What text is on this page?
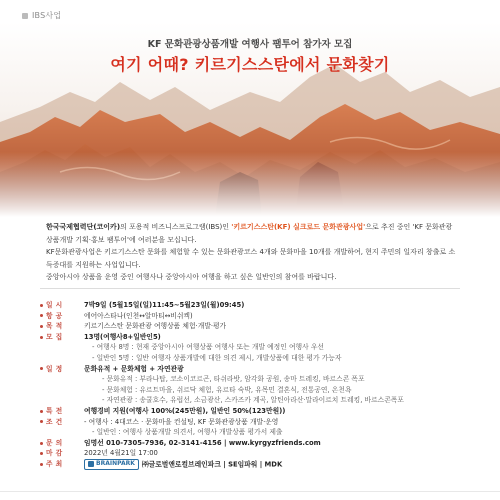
IBS사업
KF 문화관광상품개발 여행사 팸투어 참가자 모집
여기 어때? 키르기스스탄에서 문화찾기

한국국제협력단(코이카)의 포용적 비즈니스프로그램(IBS)인 '키르기스스탄(KF) 실크로드 문화관광사업'으로 추진 중인 'KF 문화관광상품개발 기획·홍보 팸투어'에 여러분을 모십니다.

KF문화관광사업은 키르기스스탄 문화를 체험할 수 있는 문화관광코스 4개와 문화마을 10개를 개발하여, 현지 주민의 일자리 창출로 소득증대를 지원하는 사업입니다.

중앙아시아 상품을 운영 중인 여행사나 중앙아시아 여행을 하고 싶은 일반인의 참여를 바랍니다.

일시	7박9일 (5월15일(일)11:45~5월23일(월)09:45)
항공	에어아스타나(인천↔알마티↔비쉬켁)
목적	키르기스스탄 문화관광 여행상품 체험·개발·평가
모집	13명(여행사8+일반인5)
- 여행사 8명 : 현재 중앙아시아 여행상품 여행사 또는 개발 예정인 여행사 우선
- 일반인 5명 : 일반 여행자 상품개발에 대한 의견 제시, 개발상품에 대한 평가 가능자
일정	문화유적 + 문화체험 + 자연관광
- 문화유적 : 부라나탑, 코소이코르곤, 타쉬라밧, 암각화 공원, 송마 트레킹, 바르스콘 폭포
- 문화체험 : 유르트마을, 쉬르닥 체험, 유르타 숙박, 유목민 결혼식, 전통공연, 온천욕
- 자연관광 : 송쿨호수, 유럽선, 소금광산, 스카즈카 계곡, 알틴아라산·말라이르치 트레킹, 바르스콘폭포
특전	여행경비 지원(여행사 100%(245만원), 일반인 50%(123만원))
조건	- 여행사 : 4대코스 · 문화마을 컨설팅, KF 문화관광상품 개발·운영
- 일반인 : 여행사 상품개발 의견서, 여행사 개발상품 평가서 제출
문의	임명선 010-7305-7936, 02-3141-4156 | www.kyrgyzfriends.com
마감	2022년 4월21일 17:00
주최	BRAINPARK ㈜글로벌앤로컬브레인파크 | SE임파워 | MDK
